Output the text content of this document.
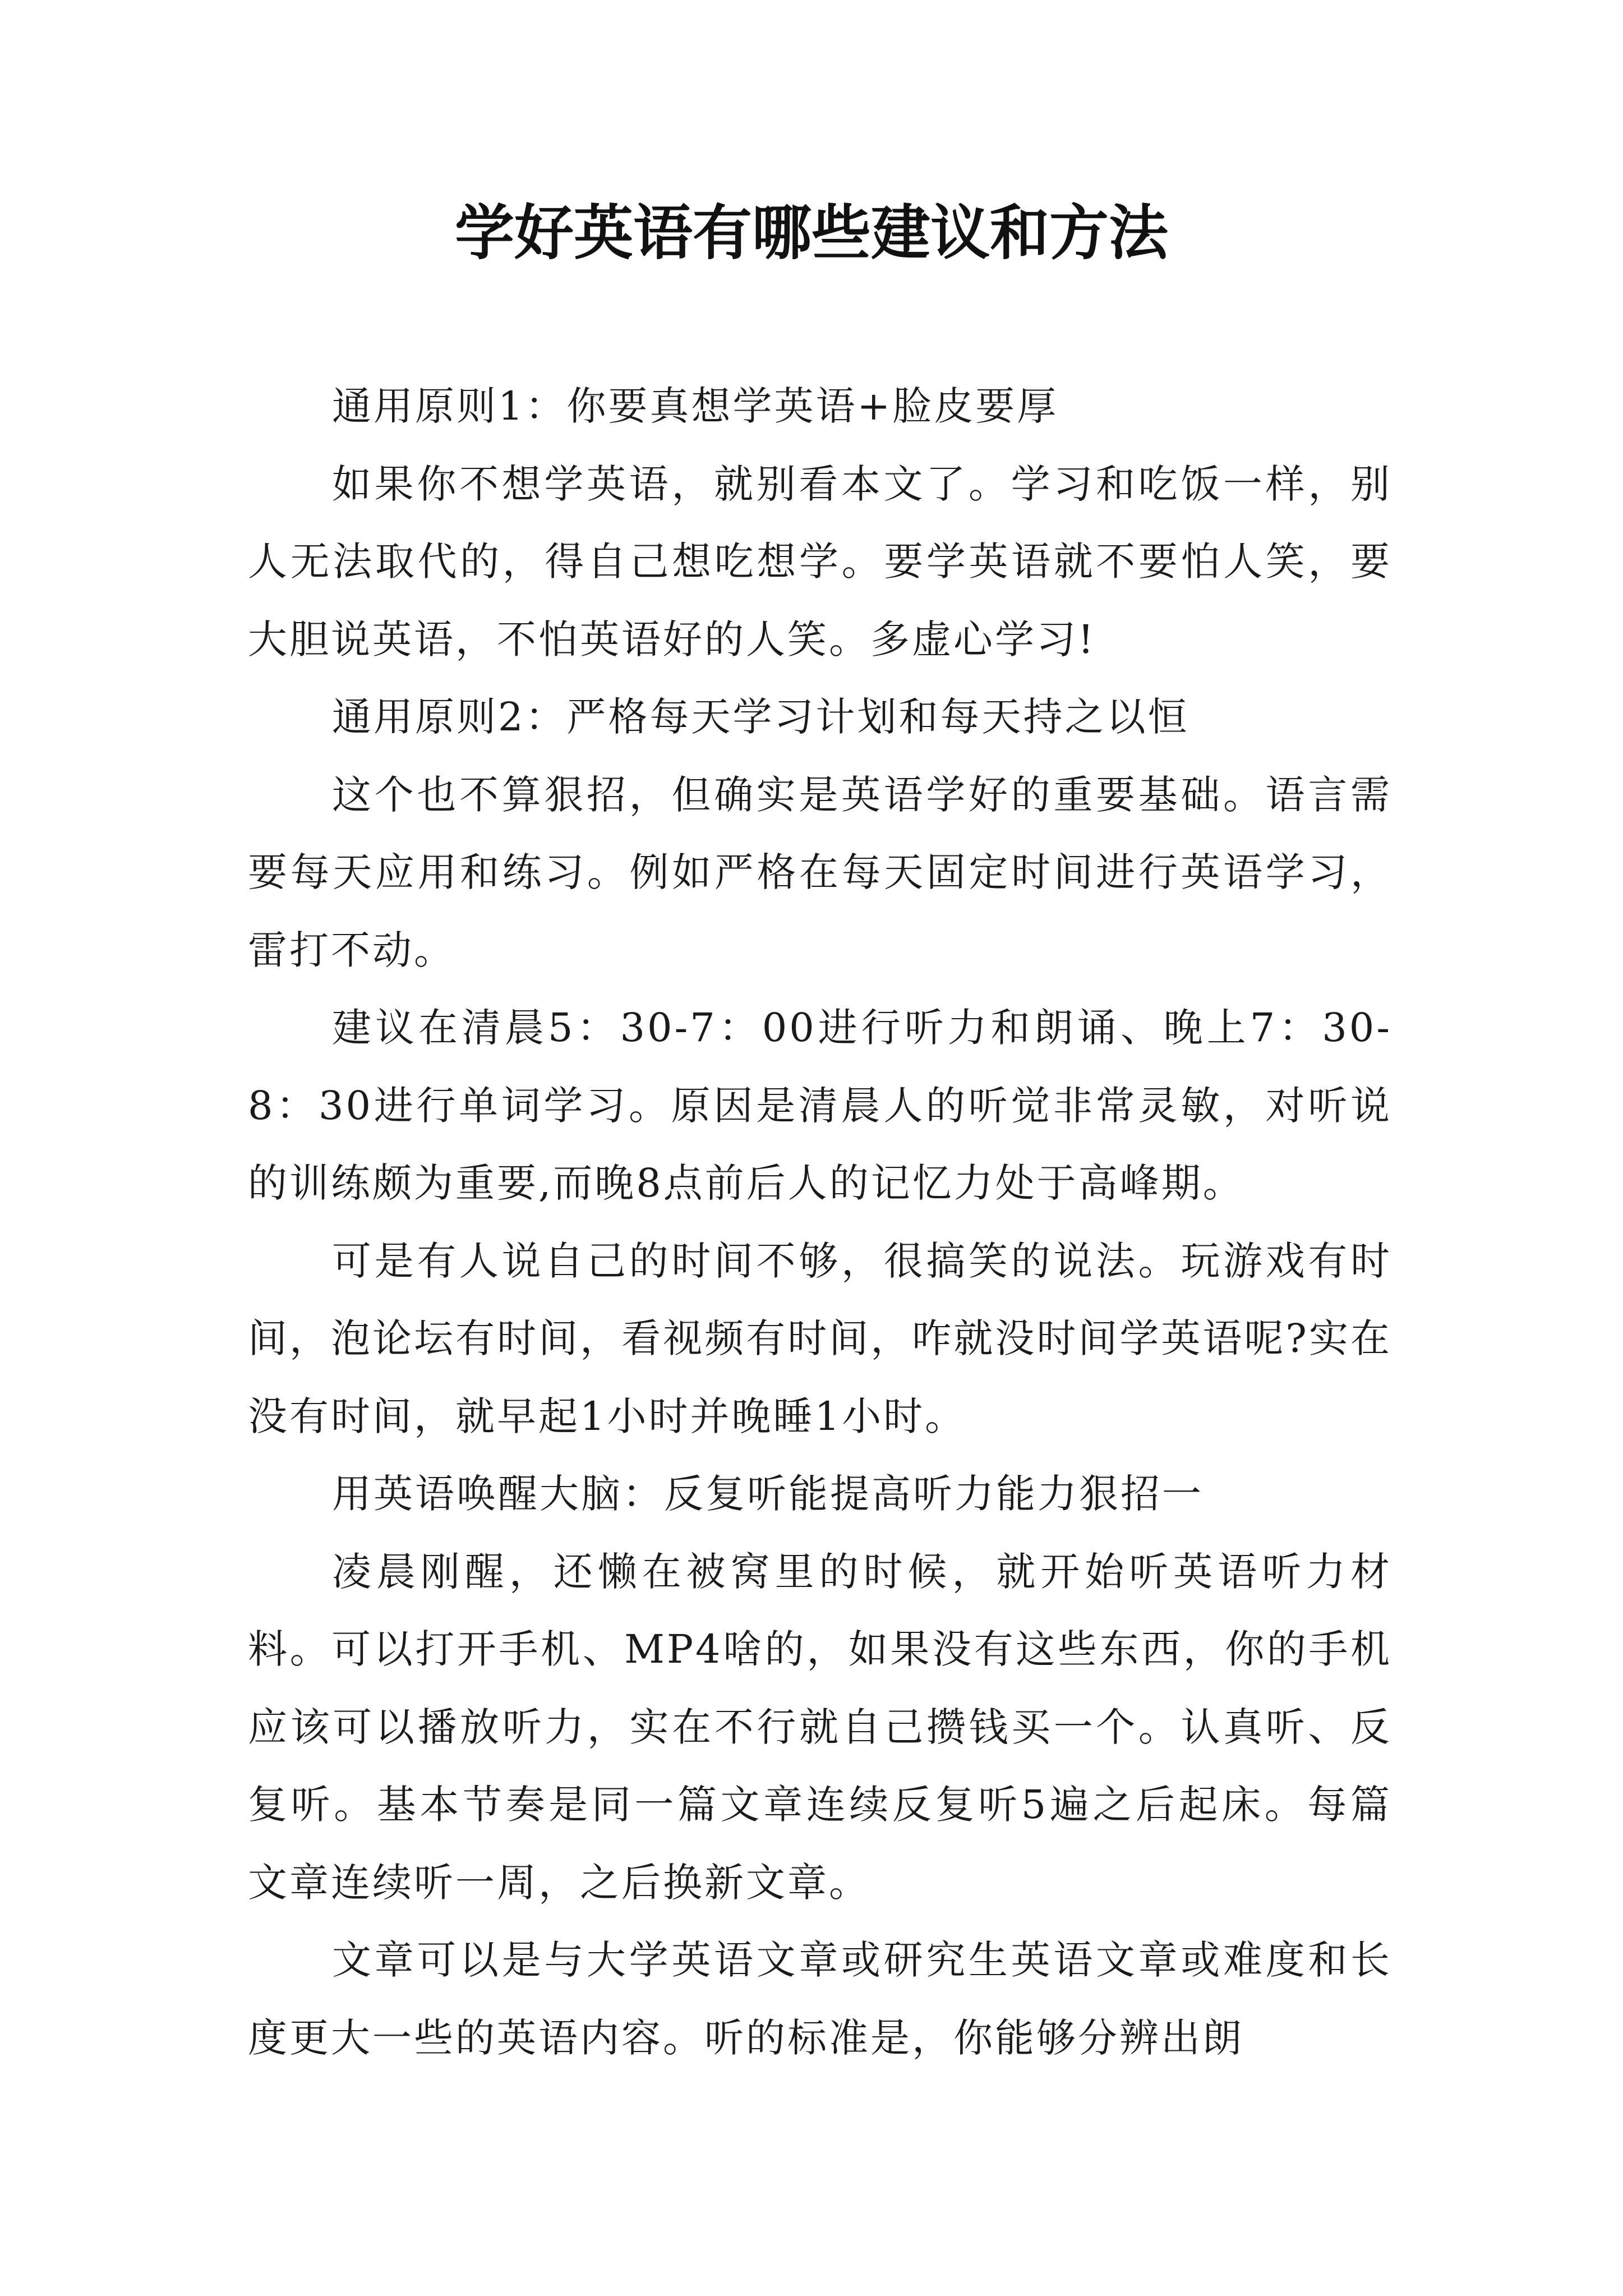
学好英语有哪些建议和方法

通用原则1：你要真想学英语+脸皮要厚

如果你不想学英语，就别看本文了。学习和吃饭一样，别人无法取代的，得自己想吃想学。要学英语就不要怕人笑，要大胆说英语，不怕英语好的人笑。多虚心学习!

通用原则2：严格每天学习计划和每天持之以恒

这个也不算狠招，但确实是英语学好的重要基础。语言需要每天应用和练习。例如严格在每天固定时间进行英语学习，雷打不动。

建议在清晨5：30-7：00进行听力和朗诵、晚上7：30-8：30进行单词学习。原因是清晨人的听觉非常灵敏，对听说的训练颇为重要,而晚8点前后人的记忆力处于高峰期。

可是有人说自己的时间不够，很搞笑的说法。玩游戏有时间，泡论坛有时间，看视频有时间，咋就没时间学英语呢?实在没有时间，就早起1小时并晚睡1小时。

用英语唤醒大脑：反复听能提高听力能力狠招一

凌晨刚醒，还懒在被窝里的时候，就开始听英语听力材料。可以打开手机、MP4啥的，如果没有这些东西，你的手机应该可以播放听力，实在不行就自己攒钱买一个。认真听、反复听。基本节奏是同一篇文章连续反复听5遍之后起床。每篇文章连续听一周，之后换新文章。

文章可以是与大学英语文章或研究生英语文章或难度和长度更大一些的英语内容。听的标准是，你能够分辨出朗
